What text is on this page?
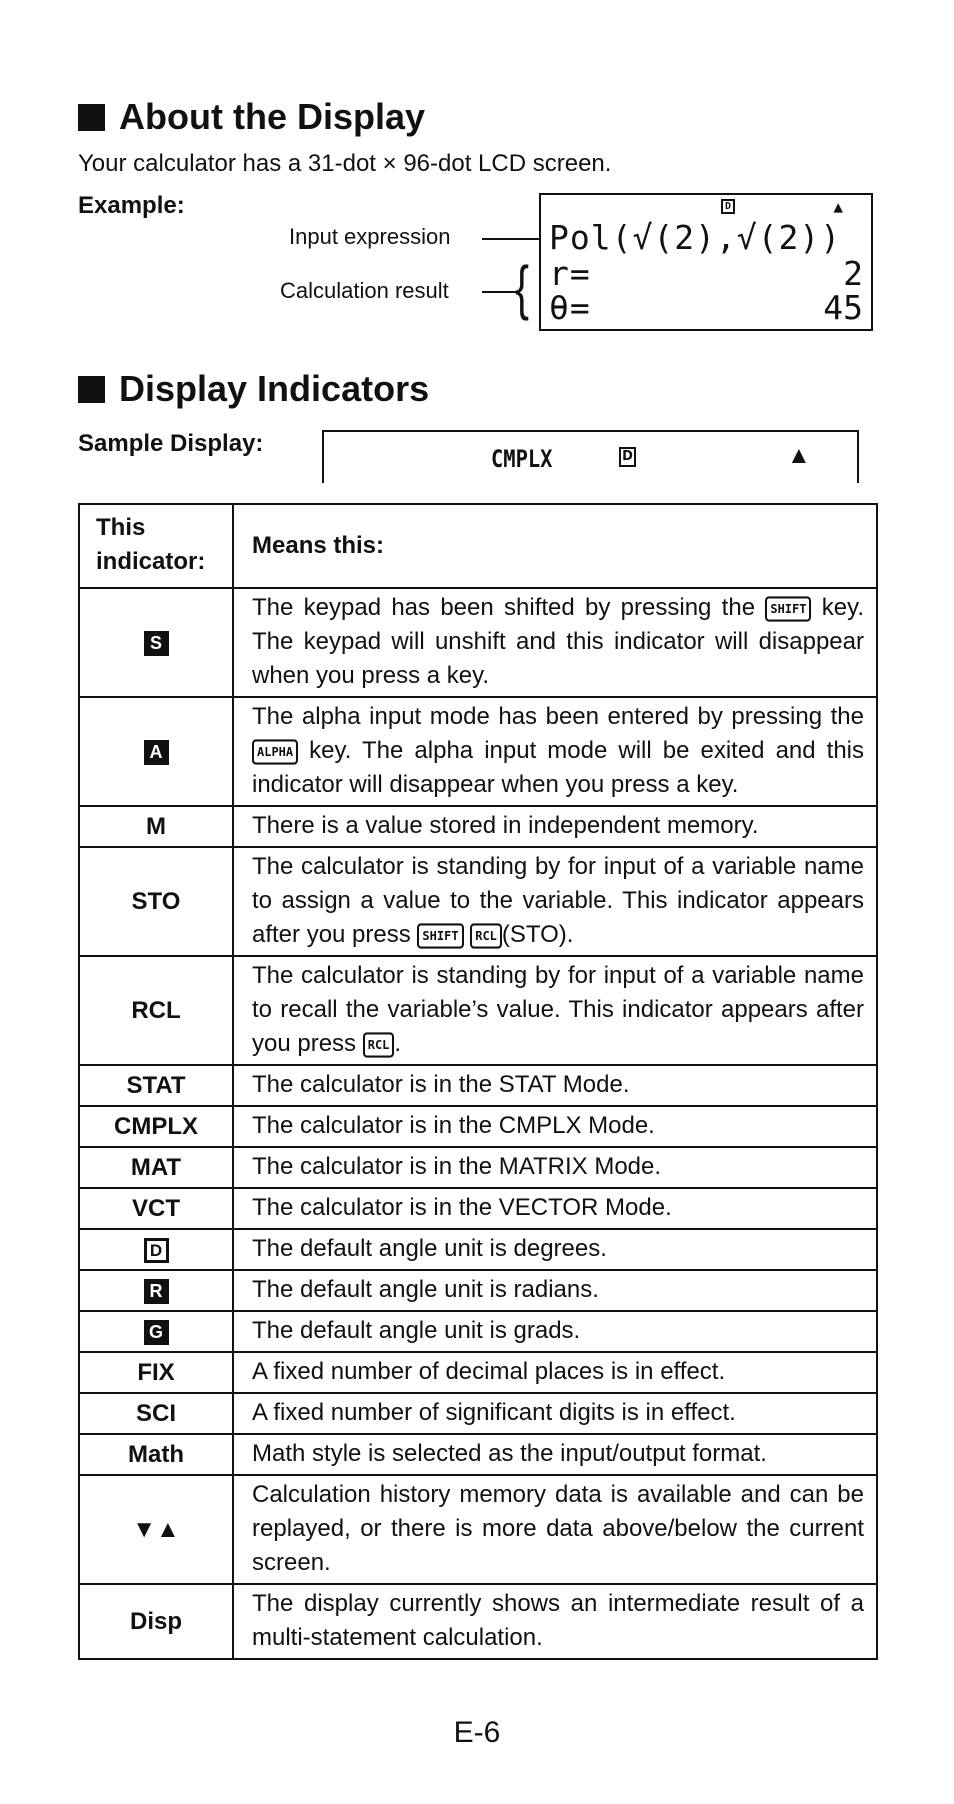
About the Display
Your calculator has a 31-dot × 96-dot LCD screen.
Example:
Input expression
Calculation result {
D	▲
Pol(√(2),√(2))
r=	2
θ=	45
Display Indicators
Sample Display:
CMPLX	D	▲
This
indicator:	Means this:
S	The keypad has been shifted by pressing the SHIFT key. The keypad will unshift and this indicator will disappear when you press a key.
A	The alpha input mode has been entered by pressing the ALPHA key. The alpha input mode will be exited and this indicator will disappear when you press a key.
M	There is a value stored in independent memory.
STO	The calculator is standing by for input of a variable name to assign a value to the variable. This indicator appears after you press SHIFT RCL (STO).
RCL	The calculator is standing by for input of a variable name to recall the variable’s value. This indicator appears after you press RCL .
STAT	The calculator is in the STAT Mode.
CMPLX	The calculator is in the CMPLX Mode.
MAT	The calculator is in the MATRIX Mode.
VCT	The calculator is in the VECTOR Mode.
D	The default angle unit is degrees.
R	The default angle unit is radians.
G	The default angle unit is grads.
FIX	A fixed number of decimal places is in effect.
SCI	A fixed number of significant digits is in effect.
Math	Math style is selected as the input/output format.
▼▲	Calculation history memory data is available and can be replayed, or there is more data above/below the current screen.
Disp	The display currently shows an intermediate result of a multi-statement calculation.
E-6
